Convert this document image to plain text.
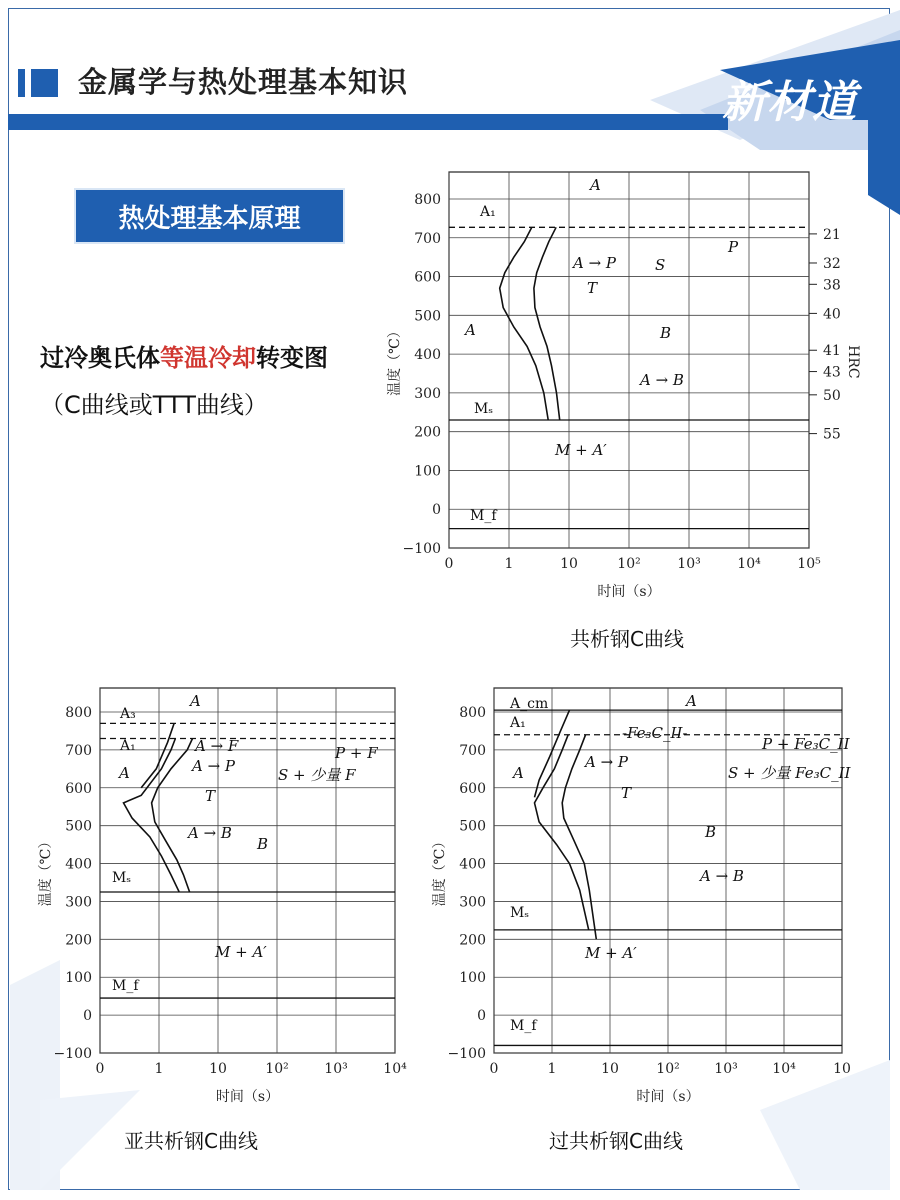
金属学与热处理基本知识	新材道
热处理基本原理
过冷奥氏体等温冷却转变图
（C曲线或TTT曲线）
0	1	10	10²	10³	10⁴	10⁵
800
700
600
500
400
300
200
100
0
−100
时间（s）
温度（℃）
A₁
Mₛ
M_f
A
A
A → P
P
S
T
B
A → B
M + A′
21
32
38
40
41
43
50
55
HRC
0	1	10	10²	10³	10⁴
800
700
600
500
400
300
200
100
0
−100
时间（s）
温度（℃）
A₃
A₁
Mₛ
M_f
A
A
A → F
A → P	S + 少量 F
P + F
T
A → B
B
M + A′
0	1	10	10² 10³ 10⁴	10
800
700
600
500
400
300
200
100
0
−100
时间（s）
温度（℃）
A_cm
A₁
Mₛ
M_f
A
A
-Fe₃C_II-
A → P
P + Fe₃C_II
S + 少量 Fe₃C_II
T
B
A → B
M + A′
共析钢C曲线
亚共析钢C曲线	过共析钢C曲线
